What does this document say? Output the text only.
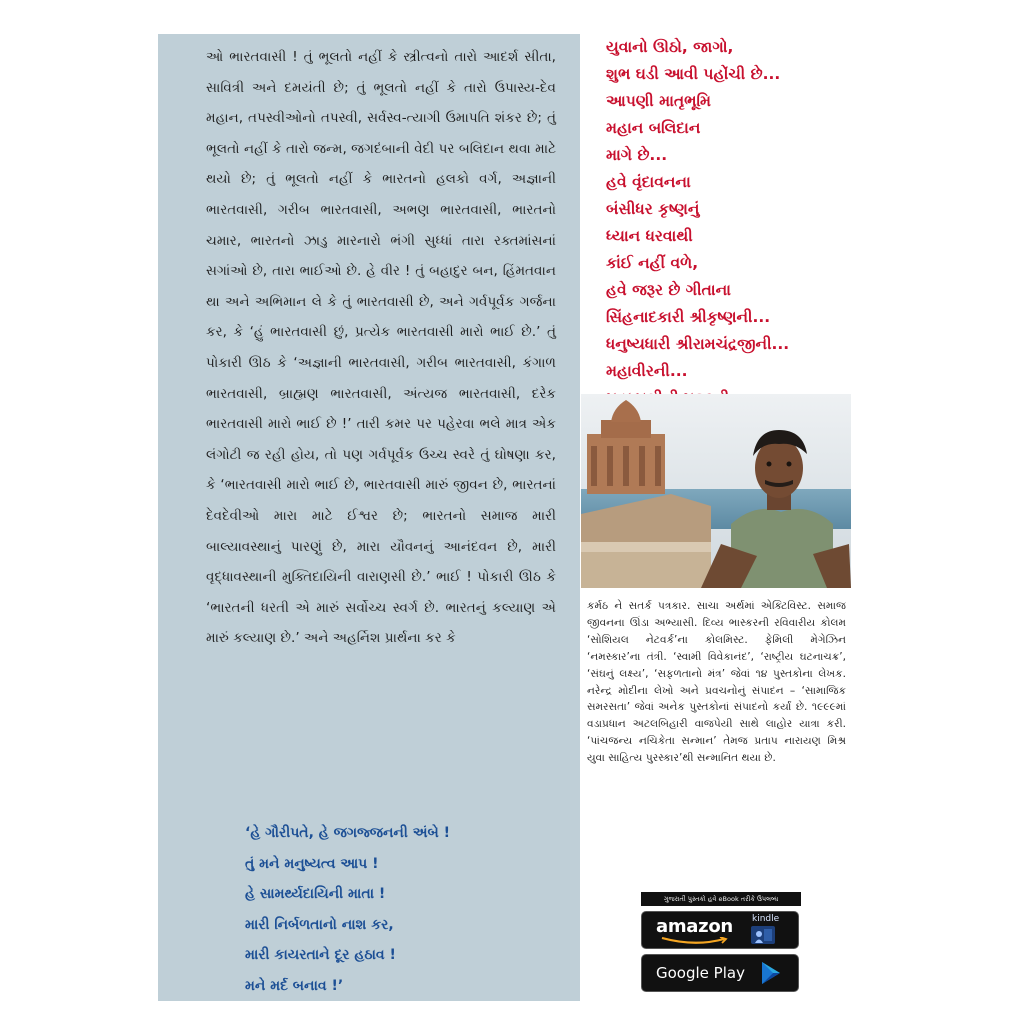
ઓ ભારતવાસી ! તું ભૂલતો નહીં કે સ્ત્રીત્વનો તારો આદર્શ સીતા, સાવિત્રી અને દમયંતી છે; તું ભૂલતો નહીં કે તારો ઉપાસ્ય-દેવ મહાન, તપસ્વીઓનો તપસ્વી, સર્વસ્વ-ત્યાગી ઉમાપતિ શંકર છે; તું ભૂલતો નહીં કે તારો જન્મ, જગદંબાની વેદી પર બલિદાન થવા માટે થયો છે; તું ભૂલતો નહીં કે ભારતનો હલકો વર્ગ, અજ્ઞાની ભારતવાસી, ગરીબ ભારતવાસી, અભણ ભારતવાસી, ભારતનો ચમાર, ભારતનો ઝાડુ મારનારો ભંગી સુધ્ધાં તારા રક્તમાંસનાં સગાંઓ છે, તારા ભાઈઓ છે. હે વીર ! તું બહાદુર બન, હિંમતવાન થા અને અભિમાન લે કે તું ભારતવાસી છે, અને ગર્વપૂર્વક ગર્જના કર, કે ‘હું ભારતવાસી છું, પ્રત્યેક ભારતવાસી મારો ભાઈ છે.’ તું પોકારી ઊઠ કે ‘અજ્ઞાની ભારતવાસી, ગરીબ ભારતવાસી, કંગાળ ભારતવાસી, બ્રાહ્મણ ભારતવાસી, અંત્યજ ભારતવાસી, દરેક ભારતવાસી મારો ભાઈ છે !’ તારી કમર પર પહેરવા ભલે માત્ર એક લંગોટી જ રહી હોય, તો પણ ગર્વપૂર્વક ઉચ્ચ સ્વરે તું ઘોષણા કર, કે ‘ભારતવાસી મારો ભાઈ છે, ભારતવાસી મારું જીવન છે, ભારતનાં દેવદેવીઓ મારા માટે ઈશ્વર છે; ભારતનો સમાજ મારી બાલ્યાવસ્થાનું પારણું છે, મારા યૌવનનું આનંદવન છે, મારી વૃદ્ધાવસ્થાની મુક્તિદાયિની વારાણસી છે.’ ભાઈ ! પોકારી ઊઠ કે ‘ભારતની ધરતી એ મારું સર્વોચ્ચ સ્વર્ગ છે. ભારતનું કલ્યાણ એ મારું કલ્યાણ છે.’ અને અહર્નિશ પ્રાર્થના કર કે

‘હે ગૌરીપતે, હે જગજ્જનની અંબે !
તું મને મનુષ્યત્વ આપ !
હે સામર્થ્યદાયિની માતા !
મારી નિર્બળતાનો નાશ કર,
મારી કાયરતાને દૂર હઠાવ !
મને મર્દ બનાવ !’
યુવાનો ઊઠો, જાગો,
શુભ ઘડી આવી પહોંચી છે...
આપણી માતૃભૂમિ
મહાન બલિદાન
માગે છે...
હવે વૃંદાવનના
બંસીધર કૃષ્ણનું
ધ્યાન ધરવાથી
કાંઈ નહીં વળે,
હવે જરૂર છે ગીતાના
સિંહનાદકારી શ્રીકૃષ્ણની...
ધનુષ્યધારી શ્રીરામચંદ્રજીની...
મહાવીરની...
કર્મઠ ને સતર્ક પત્રકાર. સાચા અર્થમાં એક્ટિવિસ્ટ. સમાજ જીવનના ઊંડા અભ્યાસી. દિવ્ય ભાસ્કરની રવિવારીય કોલમ ‘સોશિયલ નેટવર્ક’ના કોલમિસ્ટ. ફેમિલી મેગેઝિન ‘નમસ્કાર’ના તંત્રી. ‘સ્વામી વિવેકાનંદ’, ‘રાષ્ટ્રીય ઘટનાચક્ર’, ‘સંઘનું લક્ષ્ય’, ‘સફળતાનો મંત્ર’ જેવાં ૧૪ પુસ્તકોના લેખક. નરેન્દ્ર મોદીના લેખો અને પ્રવચનોનું સંપાદન – ‘સામાજિક સમરસતા’ જેવાં અનેક પુસ્તકોનાં સંપાદનો કર્યાં છે. ૧૯૯૯માં વડાપ્રધાન અટલબિહારી વાજપેયી સાથે લાહોર યાત્રા કરી. ‘પાંચજન્ય નચિકેતા સન્માન’ તેમજ પ્રતાપ નારાયણ મિશ્ર યુવા સાહિત્ય પુરસ્કાર’થી સન્માનિત થયા છે.
ગુજરાતી પુસ્તકો હવે eBook તરીકે ઉપલબ્ધ
amazon kindle
Google Play
